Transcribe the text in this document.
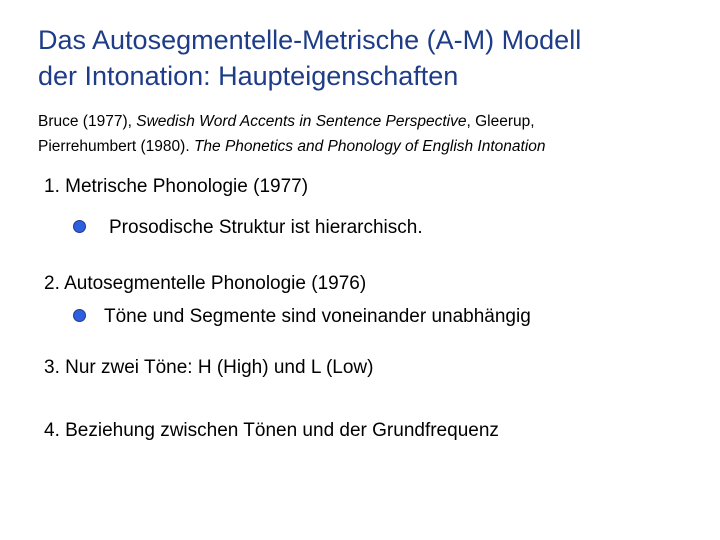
Das Autosegmentelle-Metrische (A-M) Modell
der Intonation: Haupteigenschaften
Bruce (1977), Swedish Word Accents in Sentence Perspective, Gleerup,
Pierrehumbert (1980). The Phonetics and Phonology of English Intonation
1. Metrische Phonologie (1977)
Prosodische Struktur ist hierarchisch.
2. Autosegmentelle Phonologie (1976)
Töne und Segmente sind voneinander unabhängig
3. Nur zwei Töne: H (High) und L (Low)
4. Beziehung zwischen Tönen und der Grundfrequenz
